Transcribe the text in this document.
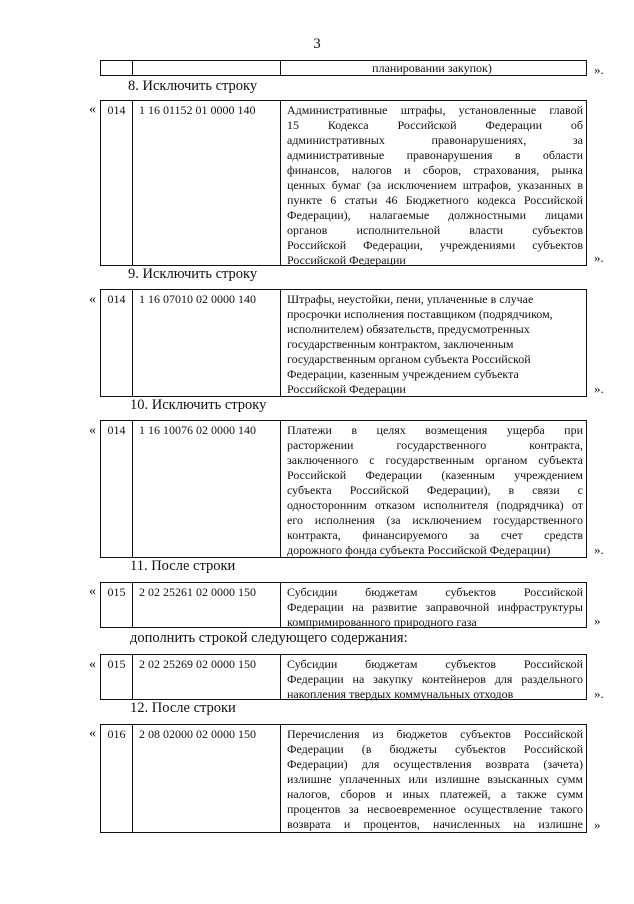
3
планировании закупок)	».
8. Исключить строку
« 014	1 16 01152 01 0000 140	Административные штрафы, установленные главой
15 Кодекса Российской Федерации об
административных правонарушениях, за
административные правонарушения в области
финансов, налогов и сборов, страхования, рынка
ценных бумаг (за исключением штрафов, указанных в
пункте 6 статьи 46 Бюджетного кодекса Российской
Федерации), налагаемые должностными лицами
органов исполнительной власти субъектов
Российской Федерации, учреждениями субъектов
Российской Федерации	».
9. Исключить строку
« 014	1 16 07010 02 0000 140	Штрафы, неустойки, пени, уплаченные в случае
просрочки исполнения поставщиком (подрядчиком,
исполнителем) обязательств, предусмотренных
государственным контрактом, заключенным
государственным органом субъекта Российской
Федерации, казенным учреждением субъекта
Российской Федерации	».
10. Исключить строку
« 014	1 16 10076 02 0000 140	Платежи в целях возмещения ущерба при
расторжении государственного контракта,
заключенного с государственным органом субъекта
Российской Федерации (казенным учреждением
субъекта Российской Федерации), в связи с
односторонним отказом исполнителя (подрядчика) от
его исполнения (за исключением государственного
контракта, финансируемого за счет средств
дорожного фонда субъекта Российской Федерации)	».
11. После строки
« 015	2 02 25261 02 0000 150	Субсидии бюджетам субъектов Российской
Федерации на развитие заправочной инфраструктуры
компримированного природного газа	»
дополнить строкой следующего содержания:
« 015	2 02 25269 02 0000 150	Субсидии бюджетам субъектов Российской
Федерации на закупку контейнеров для раздельного
накопления твердых коммунальных отходов	».
12. После строки
« 016	2 08 02000 02 0000 150	Перечисления из бюджетов субъектов Российской
Федерации (в бюджеты субъектов Российской
Федерации) для осуществления возврата (зачета)
излишне уплаченных или излишне взысканных сумм
налогов, сборов и иных платежей, а также сумм
процентов за несвоевременное осуществление такого
возврата и процентов, начисленных на излишне »
